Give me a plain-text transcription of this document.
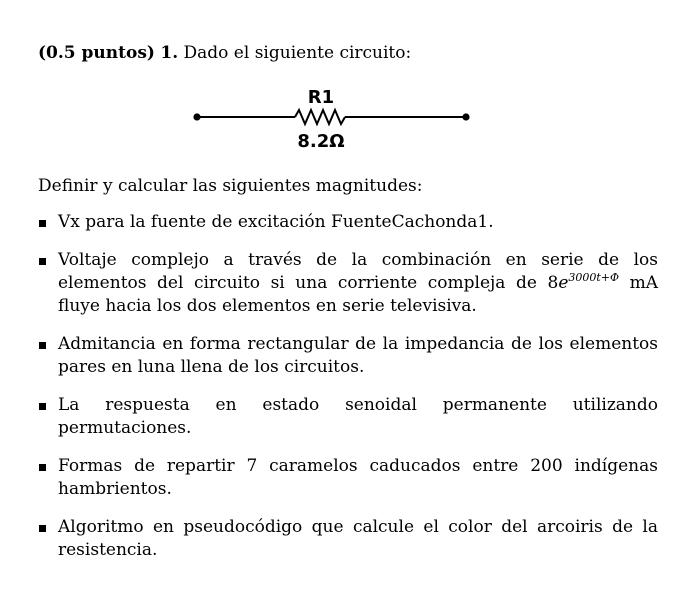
(0.5 puntos) 1. Dado el siguiente circuito:
R1
8.2Ω
Definir y calcular las siguientes magnitudes:
Vx para la fuente de excitación FuenteCachonda1.
Voltaje complejo a través de la combinación en serie de los elementos del circuito si una corriente compleja de $8e^{3000t+\Phi}$ mA fluye hacia los dos elementos en serie televisiva.
Admitancia en forma rectangular de la impedancia de los elementos pares en luna llena de los circuitos.
La respuesta en estado senoidal permanente utilizando permutaciones.
Formas de repartir 7 caramelos caducados entre 200 indígenas hambrientos.
Algoritmo en pseudocódigo que calcule el color del arcoiris de la resistencia.
